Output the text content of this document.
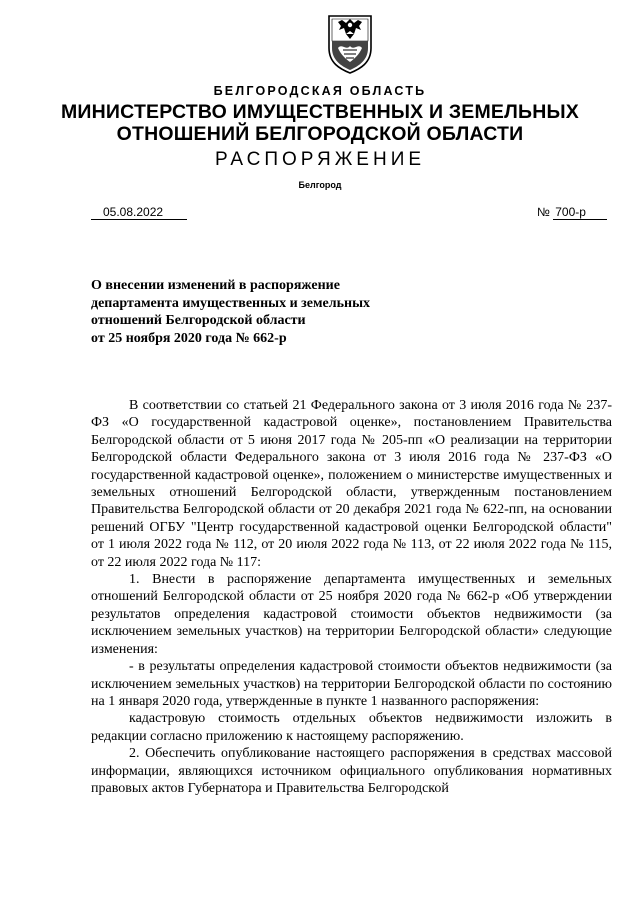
БЕЛГОРОДСКАЯ ОБЛАСТЬ
МИНИСТЕРСТВО ИМУЩЕСТВЕННЫХ И ЗЕМЕЛЬНЫХ
ОТНОШЕНИЙ БЕЛГОРОДСКОЙ ОБЛАСТИ
РАСПОРЯЖЕНИЕ
Белгород
05.08.2022	№ 700-р
О внесении изменений в распоряжение
департамента имущественных и земельных
отношений Белгородской области
от 25 ноября 2020 года № 662-р

В соответствии со статьей 21 Федерального закона от 3 июля 2016 года № 237-ФЗ «О государственной кадастровой оценке», постановлением Правительства Белгородской области от 5 июня 2017 года № 205-пп «О реализации на территории Белгородской области Федерального закона от 3 июля 2016 года № 237-ФЗ «О государственной кадастровой оценке», положением о министерстве имущественных и земельных отношений Белгородской области, утвержденным постановлением Правительства Белгородской области от 20 декабря 2021 года № 622-пп, на основании решений ОГБУ "Центр государственной кадастровой оценки Белгородской области" от 1 июля 2022 года № 112, от 20 июля 2022 года № 113, от 22 июля 2022 года № 115, от 22 июля 2022 года № 117:

1. Внести в распоряжение департамента имущественных и земельных отношений Белгородской области от 25 ноября 2020 года № 662-р «Об утверждении результатов определения кадастровой стоимости объектов недвижимости (за исключением земельных участков) на территории Белгородской области» следующие изменения:

- в результаты определения кадастровой стоимости объектов недвижимости (за исключением земельных участков) на территории Белгородской области по состоянию на 1 января 2020 года, утвержденные в пункте 1 названного распоряжения:

кадастровую стоимость отдельных объектов недвижимости изложить в редакции согласно приложению к настоящему распоряжению.

2. Обеспечить опубликование настоящего распоряжения в средствах массовой информации, являющихся источником официального опубликования нормативных правовых актов Губернатора и Правительства Белгородской
